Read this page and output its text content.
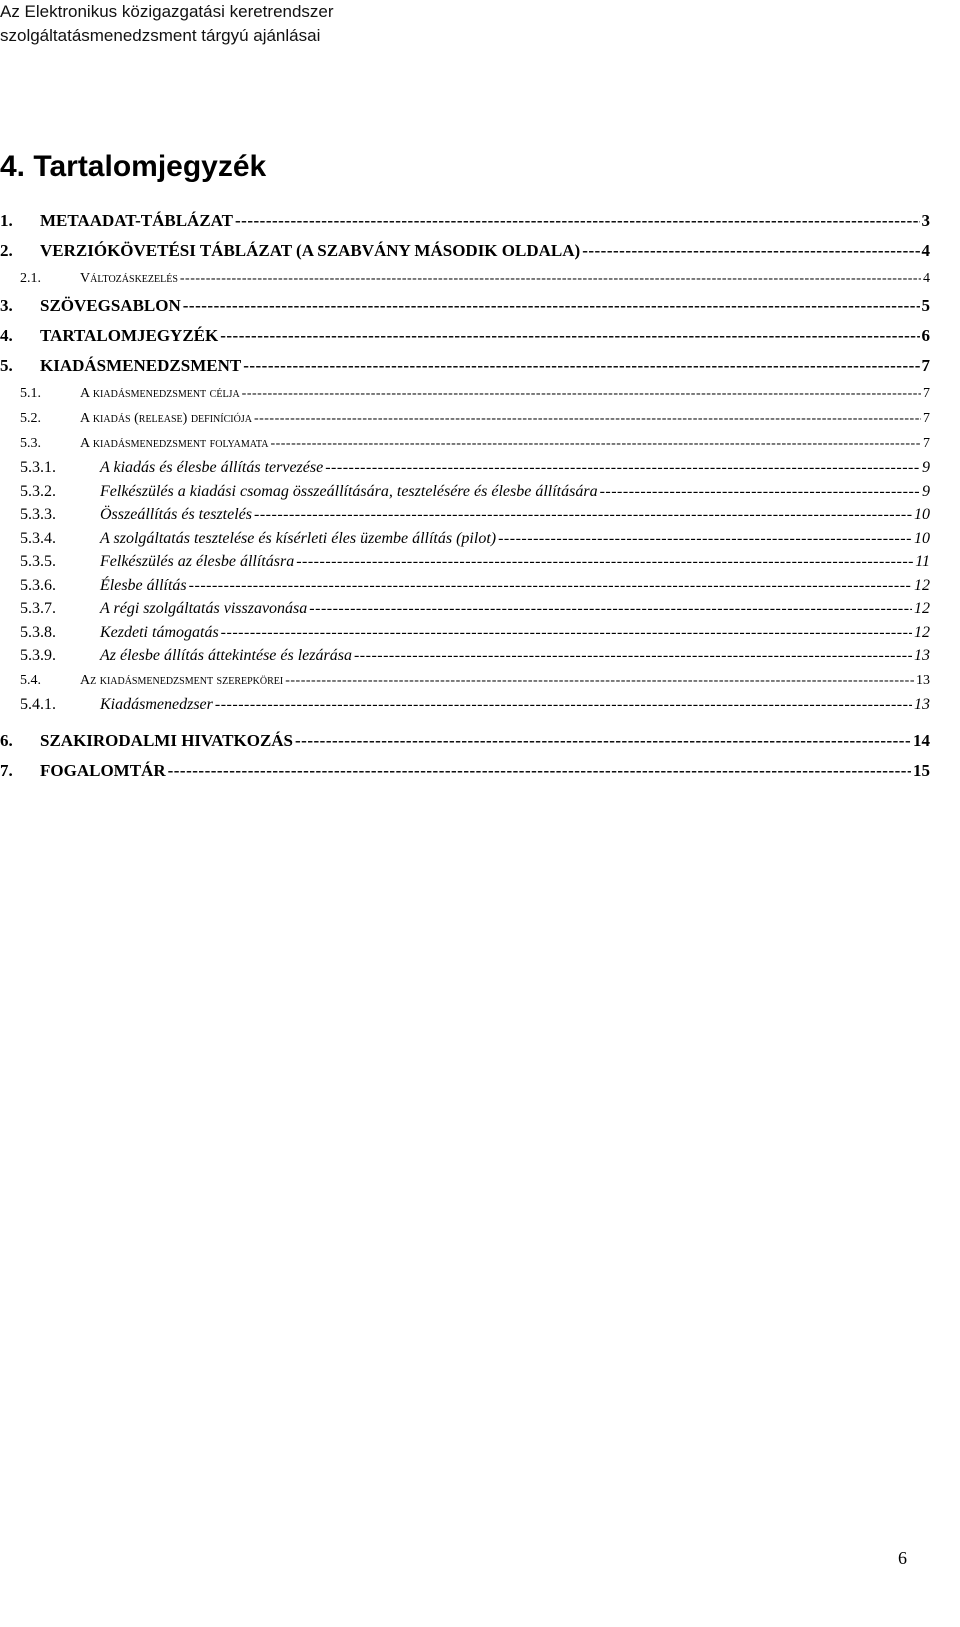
Az Elektronikus közigazgatási keretrendszer
szolgáltatásmenedzsment tárgyú ajánlásai
4. Tartalomjegyzék
1.	METAADAT-TÁBLÁZAT -----	3
2.	VERZIÓKÖVETÉSI TÁBLÁZAT (A SZABVÁNY MÁSODIK OLDALA) -----	4
2.1.	Változáskezelés -----	4
3.	SZÖVEGSABLON -----	5
4.	TARTALOMJEGYZÉK -----	6
5.	KIADÁSMENEDZSMENT -----	7
5.1.	A kiadásmenedzsment célja -----	7
5.2.	A kiadás (release) definíciója -----	7
5.3.	A kiadásmenedzsment folyamata -----	7
5.3.1.	A kiadás és élesbe állítás tervezése -----	9
5.3.2.	Felkészülés a kiadási csomag összeállítására, tesztelésére és élesbe állítására -----	9
5.3.3.	Összeállítás és tesztelés -----	10
5.3.4.	A szolgáltatás tesztelése és kísérleti éles üzembe állítás (pilot) -----	10
5.3.5.	Felkészülés az élesbe állításra -----	11
5.3.6.	Élesbe állítás -----	12
5.3.7.	A régi szolgáltatás visszavonása -----	12
5.3.8.	Kezdeti támogatás -----	12
5.3.9.	Az élesbe állítás áttekintése és lezárása -----	13
5.4.	Az kiadásmenedzsment szerepkörei -----	13
5.4.1.	Kiadásmenedzser -----	13
6.	SZAKIRODALMI HIVATKOZÁS -----	14
7.	FOGALOMTÁR -----	15
6
